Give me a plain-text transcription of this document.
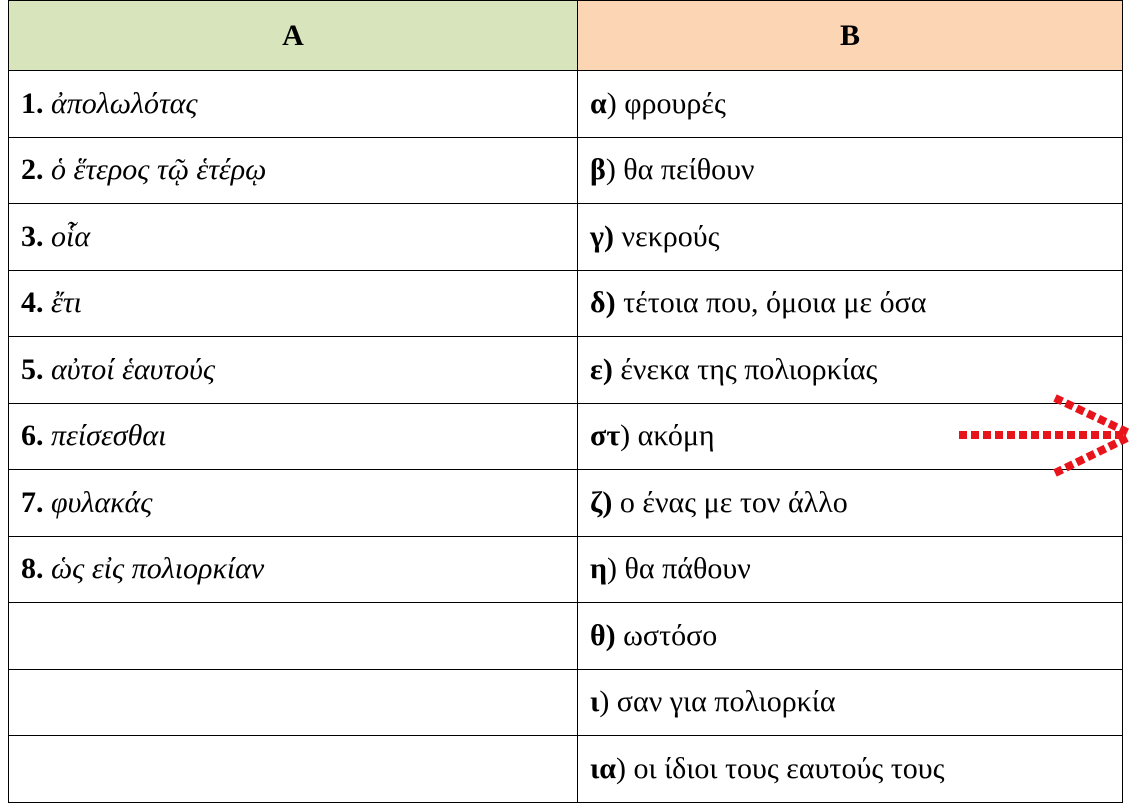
Α	Β
1. ἀπολωλότας	α) φρουρές
2. ὁ ἕτερος τῷ ἑτέρῳ	β) θα πείθουν
3. οἷα	γ) νεκρούς
4. ἔτι	δ) τέτοια που, όμοια με όσα
5. αὐτοί ἑαυτούς	ε) ένεκα της πολιορκίας
6. πείσεσθαι	στ) ακόμη
7. φυλακάς	ζ) ο ένας με τον άλλο
8. ὡς εἰς πολιορκίαν	η) θα πάθουν
	θ) ωστόσο
	ι) σαν για πολιορκία
	ια) οι ίδιοι τους εαυτούς τους
